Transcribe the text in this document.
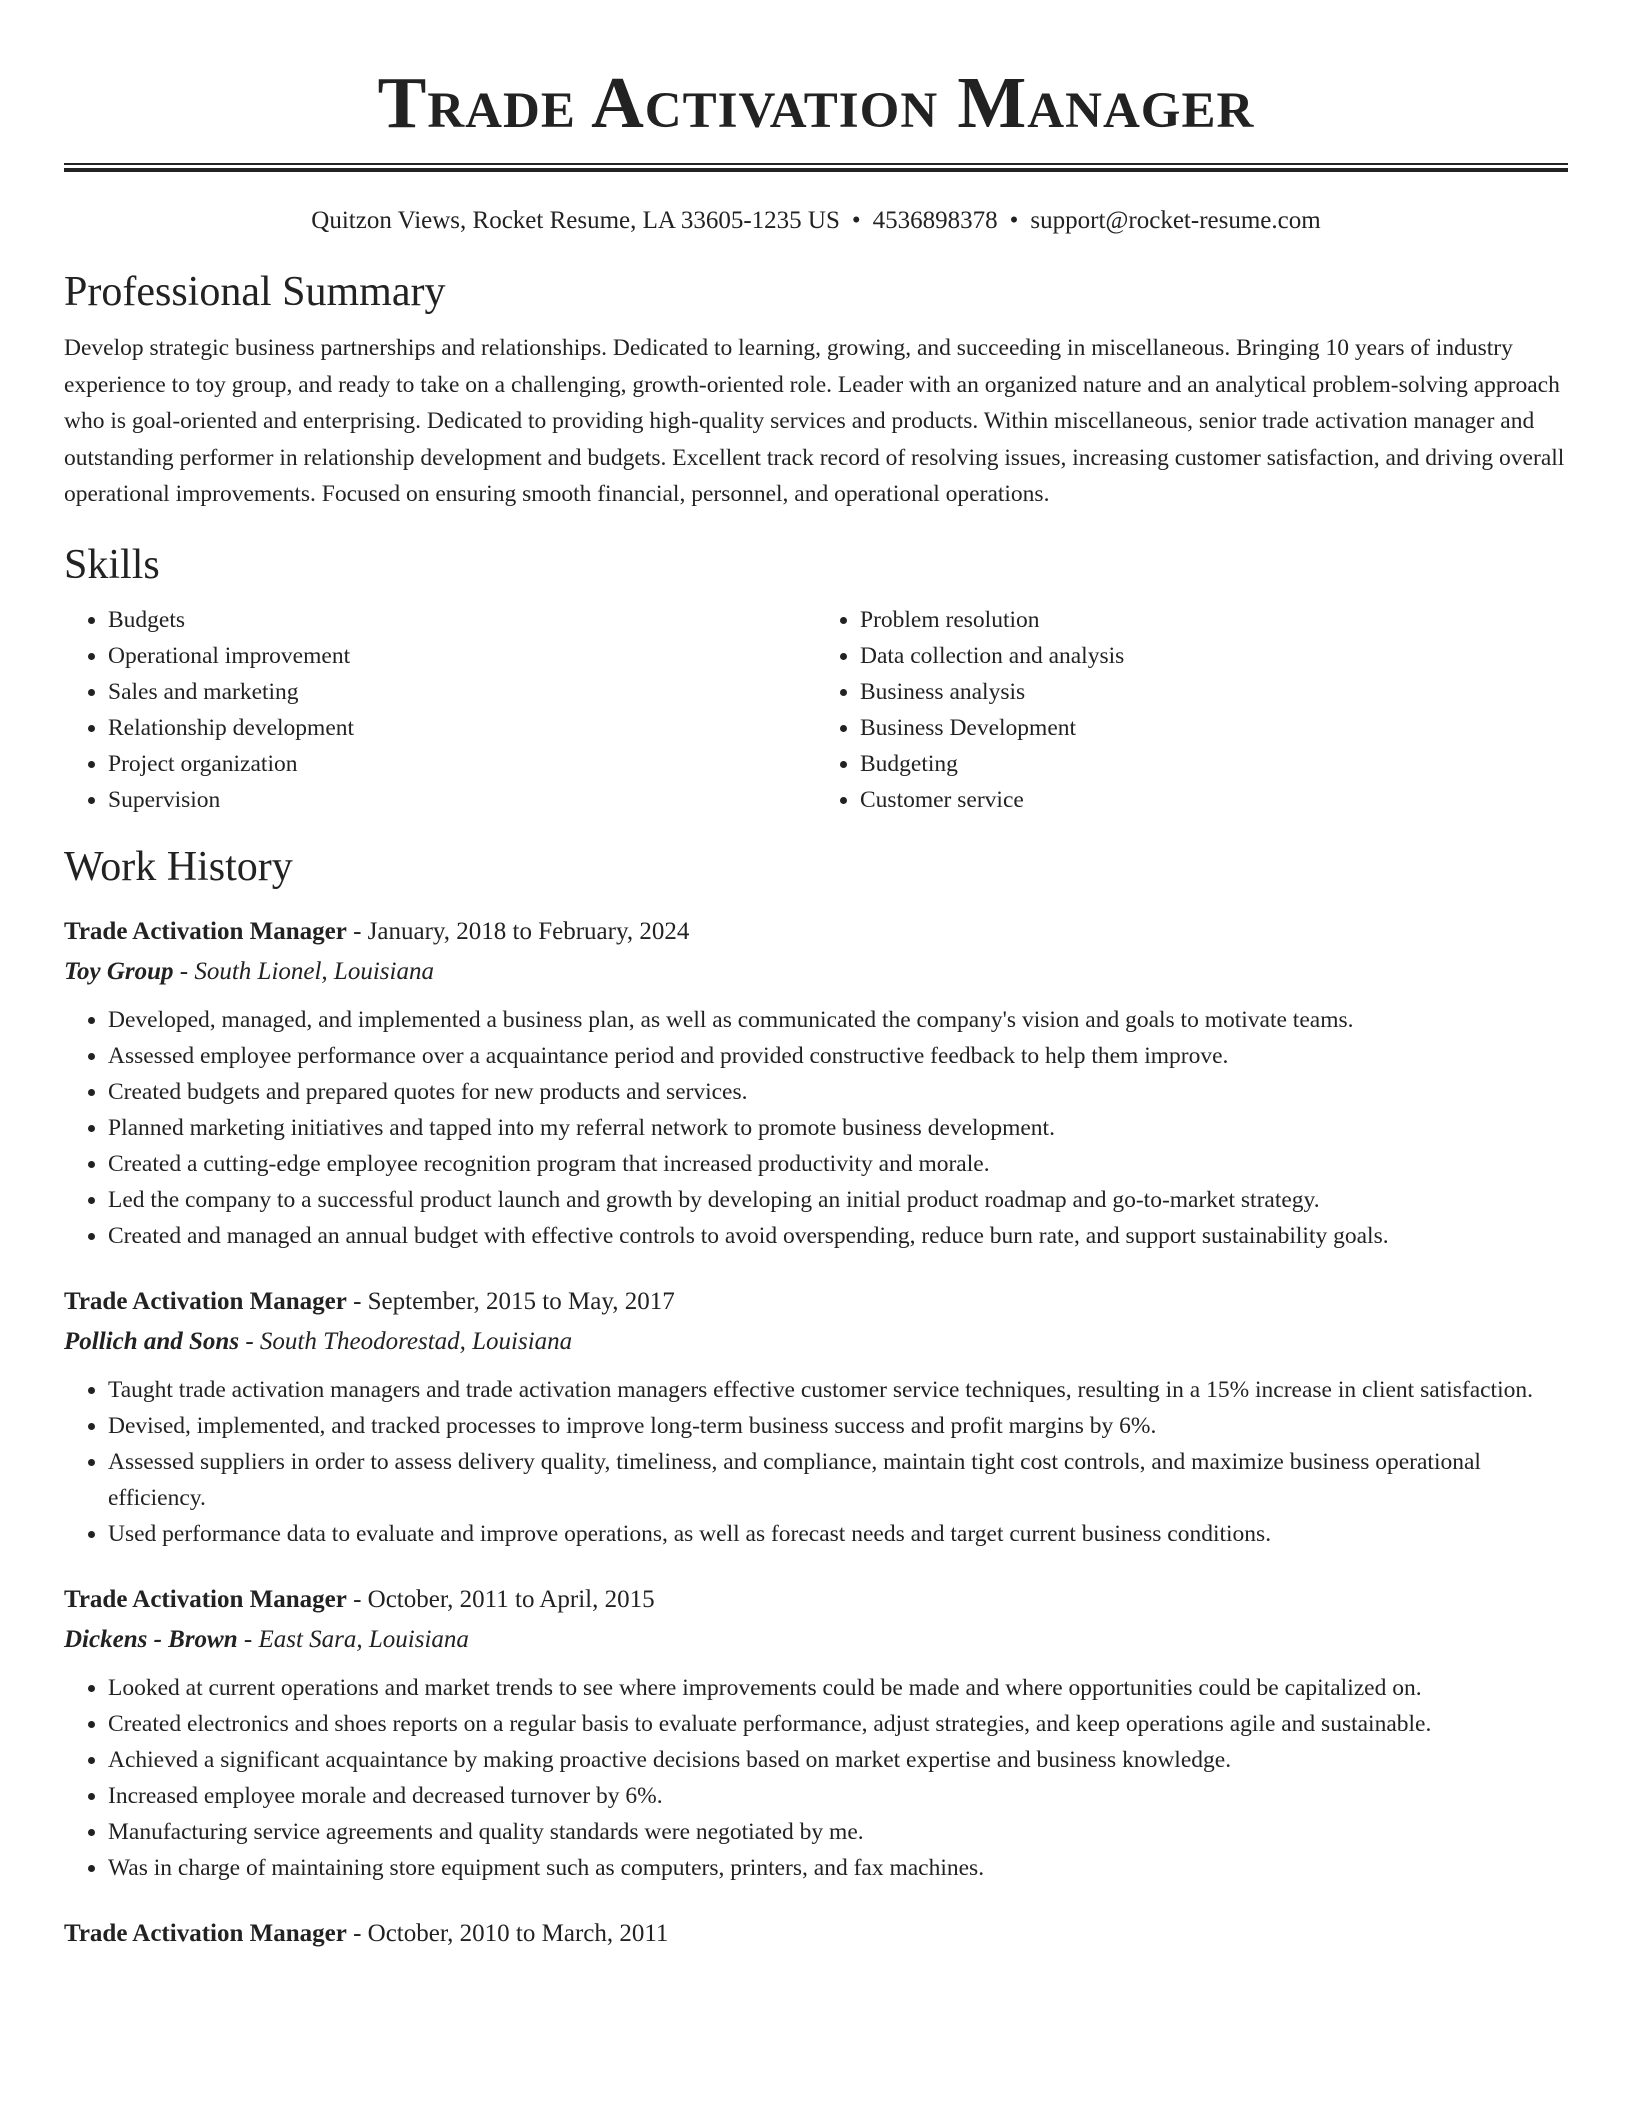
Trade Activation Manager
Quitzon Views, Rocket Resume, LA 33605-1235 US • 4536898378 • support@rocket-resume.com
Professional Summary

Develop strategic business partnerships and relationships. Dedicated to learning, growing, and succeeding in miscellaneous. Bringing 10 years of industry experience to toy group, and ready to take on a challenging, growth-oriented role. Leader with an organized nature and an analytical problem-solving approach who is goal-oriented and enterprising. Dedicated to providing high-quality services and products. Within miscellaneous, senior trade activation manager and outstanding performer in relationship development and budgets. Excellent track record of resolving issues, increasing customer satisfaction, and driving overall operational improvements. Focused on ensuring smooth financial, personnel, and operational operations.

Skills
• Budgets
• Operational improvement
• Sales and marketing
• Relationship development
• Project organization
• Supervision
• Problem resolution
• Data collection and analysis
• Business analysis
• Business Development
• Budgeting
• Customer service
Work History
Trade Activation Manager - January, 2018 to February, 2024
Toy Group - South Lionel, Louisiana
• Developed, managed, and implemented a business plan, as well as communicated the company's vision and goals to motivate teams.
• Assessed employee performance over a acquaintance period and provided constructive feedback to help them improve.
• Created budgets and prepared quotes for new products and services.
• Planned marketing initiatives and tapped into my referral network to promote business development.
• Created a cutting-edge employee recognition program that increased productivity and morale.
• Led the company to a successful product launch and growth by developing an initial product roadmap and go-to-market strategy.
• Created and managed an annual budget with effective controls to avoid overspending, reduce burn rate, and support sustainability goals.
Trade Activation Manager - September, 2015 to May, 2017
Pollich and Sons - South Theodorestad, Louisiana
• Taught trade activation managers and trade activation managers effective customer service techniques, resulting in a 15% increase in client satisfaction.
• Devised, implemented, and tracked processes to improve long-term business success and profit margins by 6%.
• Assessed suppliers in order to assess delivery quality, timeliness, and compliance, maintain tight cost controls, and maximize business operational efficiency.
• Used performance data to evaluate and improve operations, as well as forecast needs and target current business conditions.
Trade Activation Manager - October, 2011 to April, 2015
Dickens - Brown - East Sara, Louisiana
• Looked at current operations and market trends to see where improvements could be made and where opportunities could be capitalized on.
• Created electronics and shoes reports on a regular basis to evaluate performance, adjust strategies, and keep operations agile and sustainable.
• Achieved a significant acquaintance by making proactive decisions based on market expertise and business knowledge.
• Increased employee morale and decreased turnover by 6%.
• Manufacturing service agreements and quality standards were negotiated by me.
• Was in charge of maintaining store equipment such as computers, printers, and fax machines.
Trade Activation Manager - October, 2010 to March, 2011
